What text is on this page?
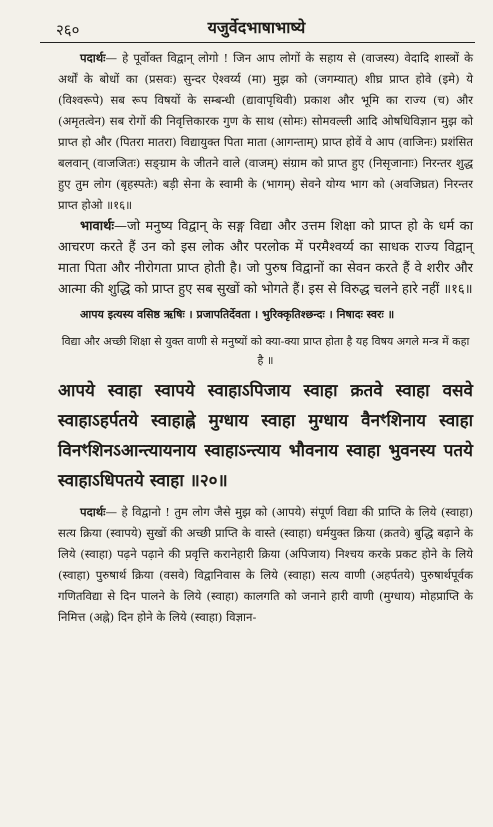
२६०	यजुर्वेदभाषाभाष्ये

पदार्थः— हे पूर्वोक्त विद्वान् लोगो ! जिन आप लोगों के सहाय से (वाजस्य) वेदादि शास्त्रों के अर्थों के बोधों का (प्रसवः) सुन्दर ऐश्वर्य्य (मा) मुझ को (जगम्यात्) शीघ्र प्राप्त होवे (इमे) ये (विश्वरूपे) सब रूप विषयों के सम्बन्धी (द्यावापृथिवी) प्रकाश और भूमि का राज्य (च) और (अमृतत्वेन) सब रोगों की निवृत्तिकारक गुण के साथ (सोमः) सोमवल्ली आदि ओषधिविज्ञान मुझ को प्राप्त हो और (पितरा मातरा) विद्यायुक्त पिता माता (आगन्ताम्) प्राप्त होवें वे आप (वाजिनः) प्रशंसित बलवान् (वाजजितः) सङ्ग्राम के जीतने वाले (वाजम्) संग्राम को प्राप्त हुए (निसृजानाः) निरन्तर शुद्ध हुए तुम लोग (बृहस्पतेः) बड़ी सेना के स्वामी के (भागम्) सेवने योग्य भाग को (अवजिघ्रत) निरन्तर प्राप्त होओ ॥१६॥

भावार्थः—जो मनुष्य विद्वान् के सङ्ग विद्या और उत्तम शिक्षा को प्राप्त हो के धर्म का आचरण करते हैं उन को इस लोक और परलोक में परमैश्वर्य्य का साधक राज्य विद्वान् माता पिता और नीरोगता प्राप्त होती है। जो पुरुष विद्वानों का सेवन करते हैं वे शरीर और आत्मा की शुद्धि को प्राप्त हुए सब सुखों को भोगते हैं। इस से विरुद्ध चलने हारे नहीं ॥१६॥

आपय इत्यस्य वसिष्ठ ऋषिः । प्रजापतिर्देवता । भुरिक्कृतिश्छन्दः । निषादः स्वरः ॥

विद्या और अच्छी शिक्षा से युक्त वाणी से मनुष्यों को क्या-क्या प्राप्त होता है यह विषय अगले मन्त्र में कहा है ॥

आपये स्वाहा स्वापये स्वाहाऽपिजाय स्वाहा क्रतवे स्वाहा वसवे स्वाहाऽहर्पतये स्वाहाह्ने मुग्धाय स्वाहा मुग्धाय वैनꣳशिनाय स्वाहा विनꣳशिनऽआन्त्यायनाय स्वाहाऽन्त्याय भौवनाय स्वाहा भुवनस्य पतये स्वाहाऽधिपतये स्वाहा ॥२०॥

पदार्थः— हे विद्वानो ! तुम लोग जैसे मुझ को (आपये) संपूर्ण विद्या की प्राप्ति के लिये (स्वाहा) सत्य क्रिया (स्वापये) सुखों की अच्छी प्राप्ति के वास्ते (स्वाहा) धर्मयुक्त क्रिया (क्रतवे) बुद्धि बढ़ाने के लिये (स्वाहा) पढ़ने पढ़ाने की प्रवृत्ति करानेहारी क्रिया (अपिजाय) निश्चय करके प्रकट होने के लिये (स्वाहा) पुरुषार्थ क्रिया (वसवे) विद्वानिवास के लिये (स्वाहा) सत्य वाणी (अहर्पतये) पुरुषार्थपूर्वक गणितविद्या से दिन पालने के लिये (स्वाहा) कालगति को जनाने हारी वाणी (मुग्धाय) मोहप्राप्ति के निमित्त (अह्ने) दिन होने के लिये (स्वाहा) विज्ञान-
